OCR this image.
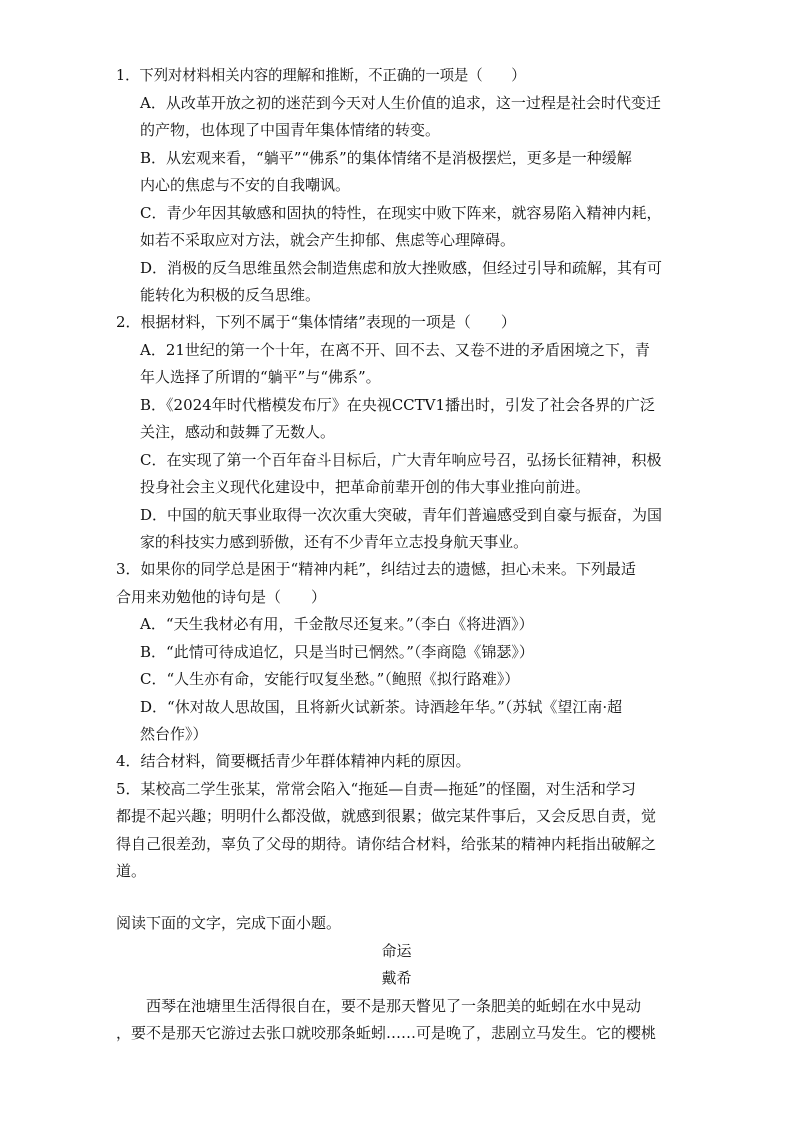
1．下列对材料相关内容的理解和推断，不正确的一项是（　　）

A．从改革开放之初的迷茫到今天对人生价值的追求，这一过程是社会时代变迁

的产物，也体现了中国青年集体情绪的转变。

B．从宏观来看，“躺平”“佛系”的集体情绪不是消极摆烂，更多是一种缓解

内心的焦虑与不安的自我嘲讽。

C．青少年因其敏感和固执的特性，在现实中败下阵来，就容易陷入精神内耗，

如若不采取应对方法，就会产生抑郁、焦虑等心理障碍。

D．消极的反刍思维虽然会制造焦虑和放大挫败感，但经过引导和疏解，其有可

能转化为积极的反刍思维。

2．根据材料，下列不属于“集体情绪”表现的一项是（　　）

A．21世纪的第一个十年，在离不开、回不去、又卷不进的矛盾困境之下，青

年人选择了所谓的“躺平”与“佛系”。

B．《2024年时代楷模发布厅》在央视CCTV1播出时，引发了社会各界的广泛

关注，感动和鼓舞了无数人。

C．在实现了第一个百年奋斗目标后，广大青年响应号召，弘扬长征精神，积极

投身社会主义现代化建设中，把革命前辈开创的伟大事业推向前进。

D．中国的航天事业取得一次次重大突破，青年们普遍感受到自豪与振奋，为国

家的科技实力感到骄傲，还有不少青年立志投身航天事业。

3．如果你的同学总是困于“精神内耗”，纠结过去的遗憾，担心未来。下列最适

合用来劝勉他的诗句是（　　）

A．“天生我材必有用，千金散尽还复来。”（李白《将进酒》）

B．“此情可待成追忆，只是当时已惘然。”（李商隐《锦瑟》）

C．“人生亦有命，安能行叹复坐愁。”（鲍照《拟行路难》）

D．“休对故人思故国，且将新火试新茶。诗酒趁年华。”（苏轼《望江南·超

然台作》）

4．结合材料，简要概括青少年群体精神内耗的原因。

5．某校高二学生张某，常常会陷入“拖延—自责—拖延”的怪圈，对生活和学习

都提不起兴趣；明明什么都没做，就感到很累；做完某件事后，又会反思自责，觉

得自己很差劲，辜负了父母的期待。请你结合材料，给张某的精神内耗指出破解之

道。

阅读下面的文字，完成下面小题。

命运

戴希

西琴在池塘里生活得很自在，要不是那天瞥见了一条肥美的蚯蚓在水中晃动

，要不是那天它游过去张口就咬那条蚯蚓……可是晚了，悲剧立马发生。它的樱桃
